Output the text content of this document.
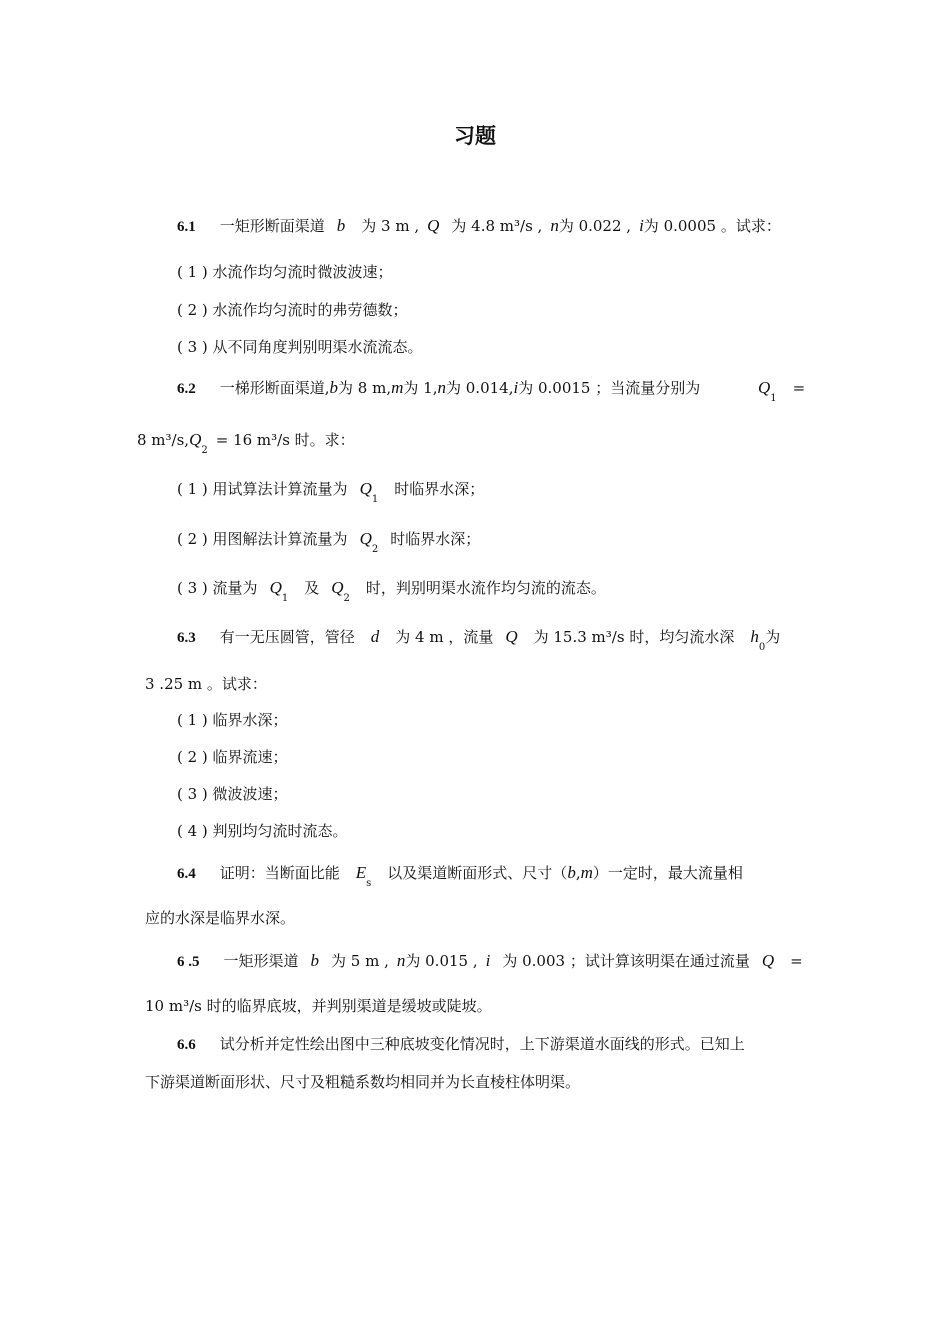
习题
6.1 一矩形断面渠道 b 为 3 m , Q 为 4.8 m³/s , n为 0.022 , i为 0.0005 。试求：
( 1 ) 水流作均匀流时微波波速；
( 2 ) 水流作均匀流时的弗劳德数；
( 3 ) 从不同角度判别明渠水流流态。
6.2 一梯形断面渠道,b为 8 m,m为 1,n为 0.014,i为 0.0015 ；当流量分别为	$Q_1=$
8 $m^3/s,Q_2= 16$ m³/s 时。求：
( 1 ) 用试算法计算流量为 $Q_1$时临界水深；
( 2 ) 用图解法计算流量为 $Q_2$时临界水深；
( 3 ) 流量为 $Q_1$及 $Q_2$时，判别明渠水流作均匀流的流态。
6.3 有一无压圆管，管径 d 为 4 m ，流量 Q 为 15.3 m³/s 时，均匀流水深 $h_0$为
3 .25 m 。试求：
( 1 ) 临界水深；
( 2 ) 临界流速；
( 3 ) 微波波速；
( 4 ) 判别均匀流时流态。
6.4 证明：当断面比能 $E_s$以及渠道断面形式、尺寸（b,m）一定时，最大流量相
应的水深是临界水深。
6 .5 一矩形渠道 b 为 5 m , n为 0.015 , i 为 0.003 ；试计算该明渠在通过流量 Q =
10 m³/s 时的临界底坡，并判别渠道是缓坡或陡坡。
6.6 试分析并定性绘出图中三种底坡变化情况时，上下游渠道水面线的形式。已知上
下游渠道断面形状、尺寸及粗糙系数均相同并为长直棱柱体明渠。
